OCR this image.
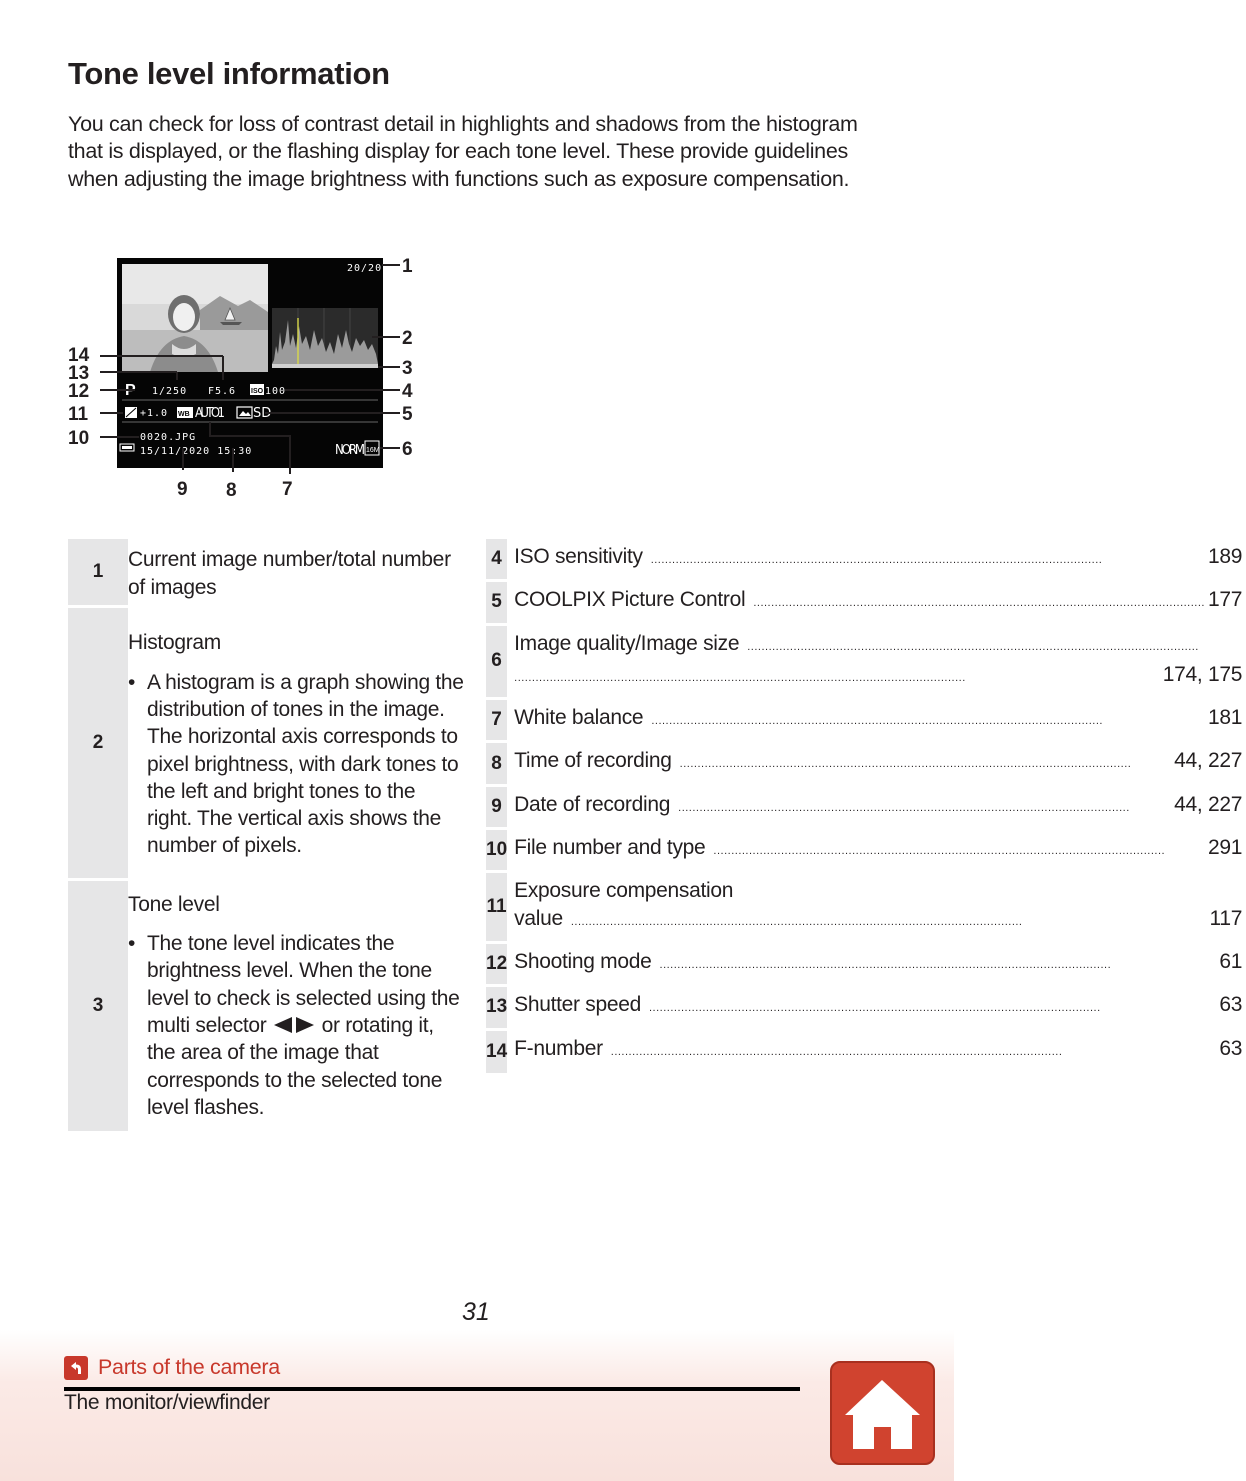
Tone level information

You can check for loss of contrast detail in highlights and shadows from the histogram that is displayed, or the flashing display for each tone level. These provide guidelines when adjusting the image brightness with functions such as exposure compensation.

20/20
P 1/250 F5.6 ISO 100
+1.0 WB AUTO1 SD
0020.JPG
15/11/2020 15:30	NORM 16M
1
2
3
4
5
6
7
8
9
10
11
12
13
14
1	Current image number/total number of images
2	Histogram
• A histogram is a graph showing the distribution of tones in the image. The horizontal axis corresponds to pixel brightness, with dark tones to the left and bright tones to the right. The vertical axis shows the number of pixels.

3	Tone level
• The tone level indicates the brightness level. When the tone level to check is selected using the multi selector or rotating it, the area of the image that corresponds to the selected tone level flashes.
4	ISO sensitivity ..... 189

5	COOLPIX Picture Control ..... 177

6	Image quality/Image size
.....
.....
174, 175

7	White balance ..... 181

8	Time of recording ..... 44, 227

9	Date of recording ..... 44, 227

10	File number and type ..... 291

11	Exposure compensation
value ..... 117

12	Shooting mode ..... 61

13	Shutter speed ..... 63

14	F-number ..... 63

31

Parts of the camera
The monitor/viewfinder
